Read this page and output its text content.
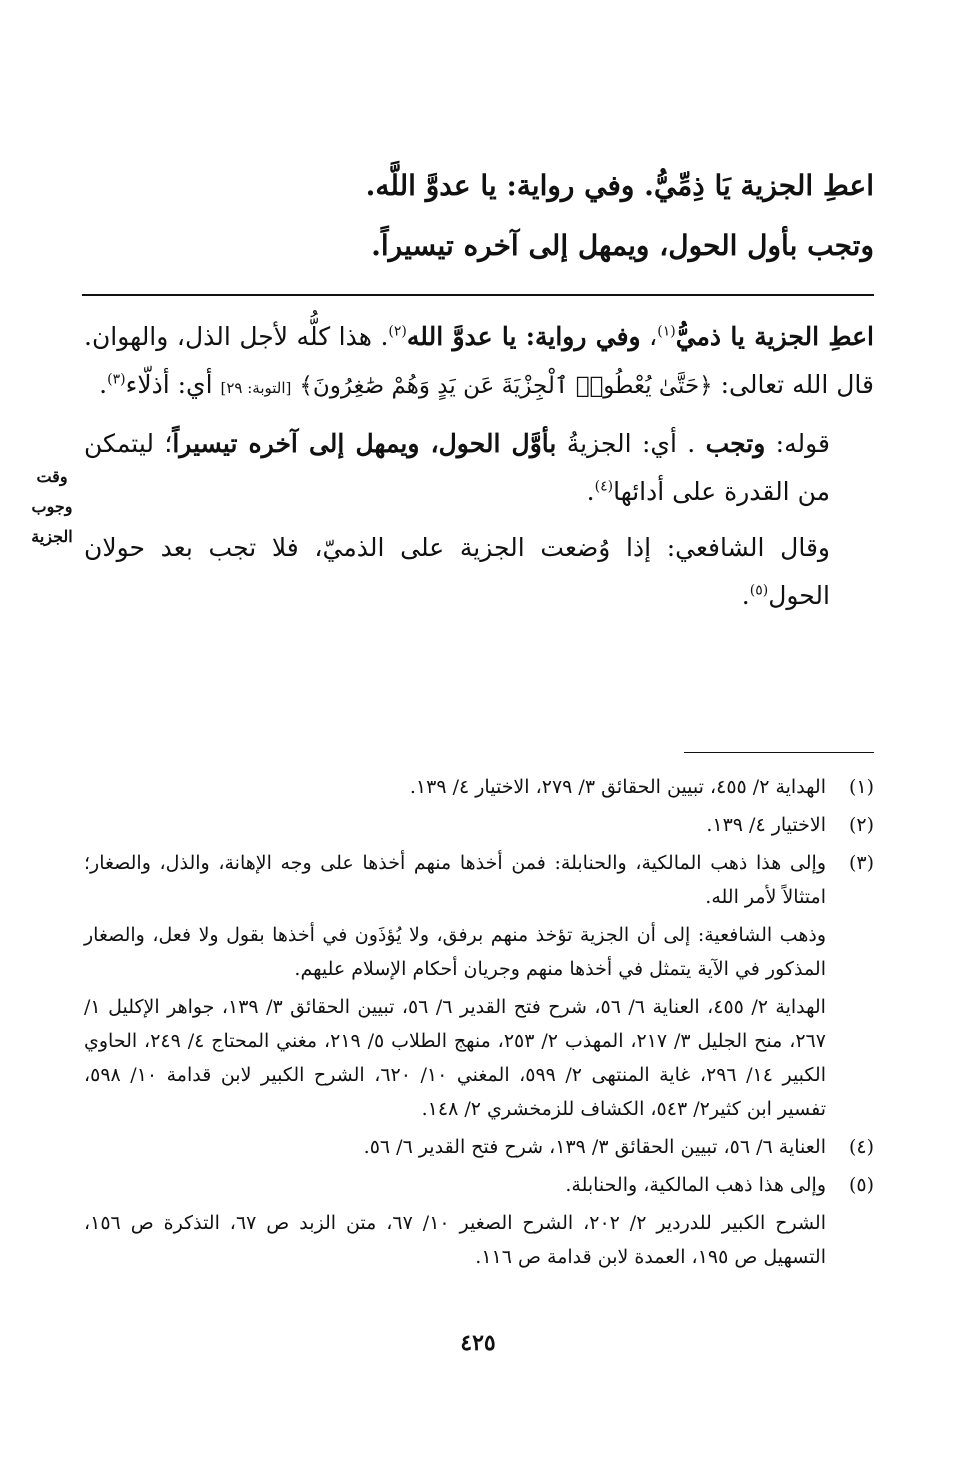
اعطِ الجزية يَا ذِمِّيُّ. وفي رواية: يا عدوَّ اللَّه.
وتجب بأول الحول، ويمهل إلى آخره تيسيراً.

اعطِ الجزية يا ذميُّ$^{(١)}$، وفي رواية: يا عدوَّ الله$^{(٢)}$. هذا كلُّه لأجل الذل، والهوان. قال الله تعالى: ﴿حَتَّىٰ يُعْطُوا۟ ٱلْجِزْيَةَ عَن يَدٍ وَهُمْ صَٰغِرُونَ﴾ [التوبة: ٢٩] أي: أذلّاء$^{(٣)}$.

قوله: وتجب . أي: الجزيةُ بأوَّل الحول، ويمهل إلى آخره تيسيراً؛ ليتمكن من القدرة على أدائها$^{(٤)}$.

وقال الشافعي: إذا وُضعت الجزية على الذميّ، فلا تجب بعد حولان الحول$^{(٥)}$.

وقت
وجوب
الجزية
(١)

الهداية ٢/ ٤٥٥، تبيين الحقائق ٣/ ٢٧٩، الاختيار ٤/ ١٣٩.

(٢)

الاختيار ٤/ ١٣٩.

(٣)

وإلى هذا ذهب المالكية، والحنابلة: فمن أخذها منهم أخذها على وجه الإهانة، والذل، والصغار؛ امتثالاً لأمر الله.

وذهب الشافعية: إلى أن الجزية تؤخذ منهم برفق، ولا يُؤذَون في أخذها بقول ولا فعل، والصغار المذكور في الآية يتمثل في أخذها منهم وجريان أحكام الإسلام عليهم.

الهداية ٢/ ٤٥٥، العناية ٦/ ٥٦، شرح فتح القدير ٦/ ٥٦، تبيين الحقائق ٣/ ١٣٩، جواهر الإكليل ١/ ٢٦٧، منح الجليل ٣/ ٢١٧، المهذب ٢/ ٢٥٣، منهج الطلاب ٥/ ٢١٩، مغني المحتاج ٤/ ٢٤٩، الحاوي الكبير ١٤/ ٢٩٦، غاية المنتهى ٢/ ٥٩٩، المغني ١٠/ ٦٢٠، الشرح الكبير لابن قدامة ١٠/ ٥٩٨، تفسير ابن كثير٢/ ٥٤٣، الكشاف للزمخشري ٢/ ١٤٨.

(٤)

العناية ٦/ ٥٦، تبيين الحقائق ٣/ ١٣٩، شرح فتح القدير ٦/ ٥٦.

(٥)

وإلى هذا ذهب المالكية، والحنابلة.

الشرح الكبير للدردير ٢/ ٢٠٢، الشرح الصغير ١٠/ ٦٧، متن الزبد ص ٦٧، التذكرة ص ١٥٦، التسهيل ص ١٩٥، العمدة لابن قدامة ص ١١٦.

٤٢٥
